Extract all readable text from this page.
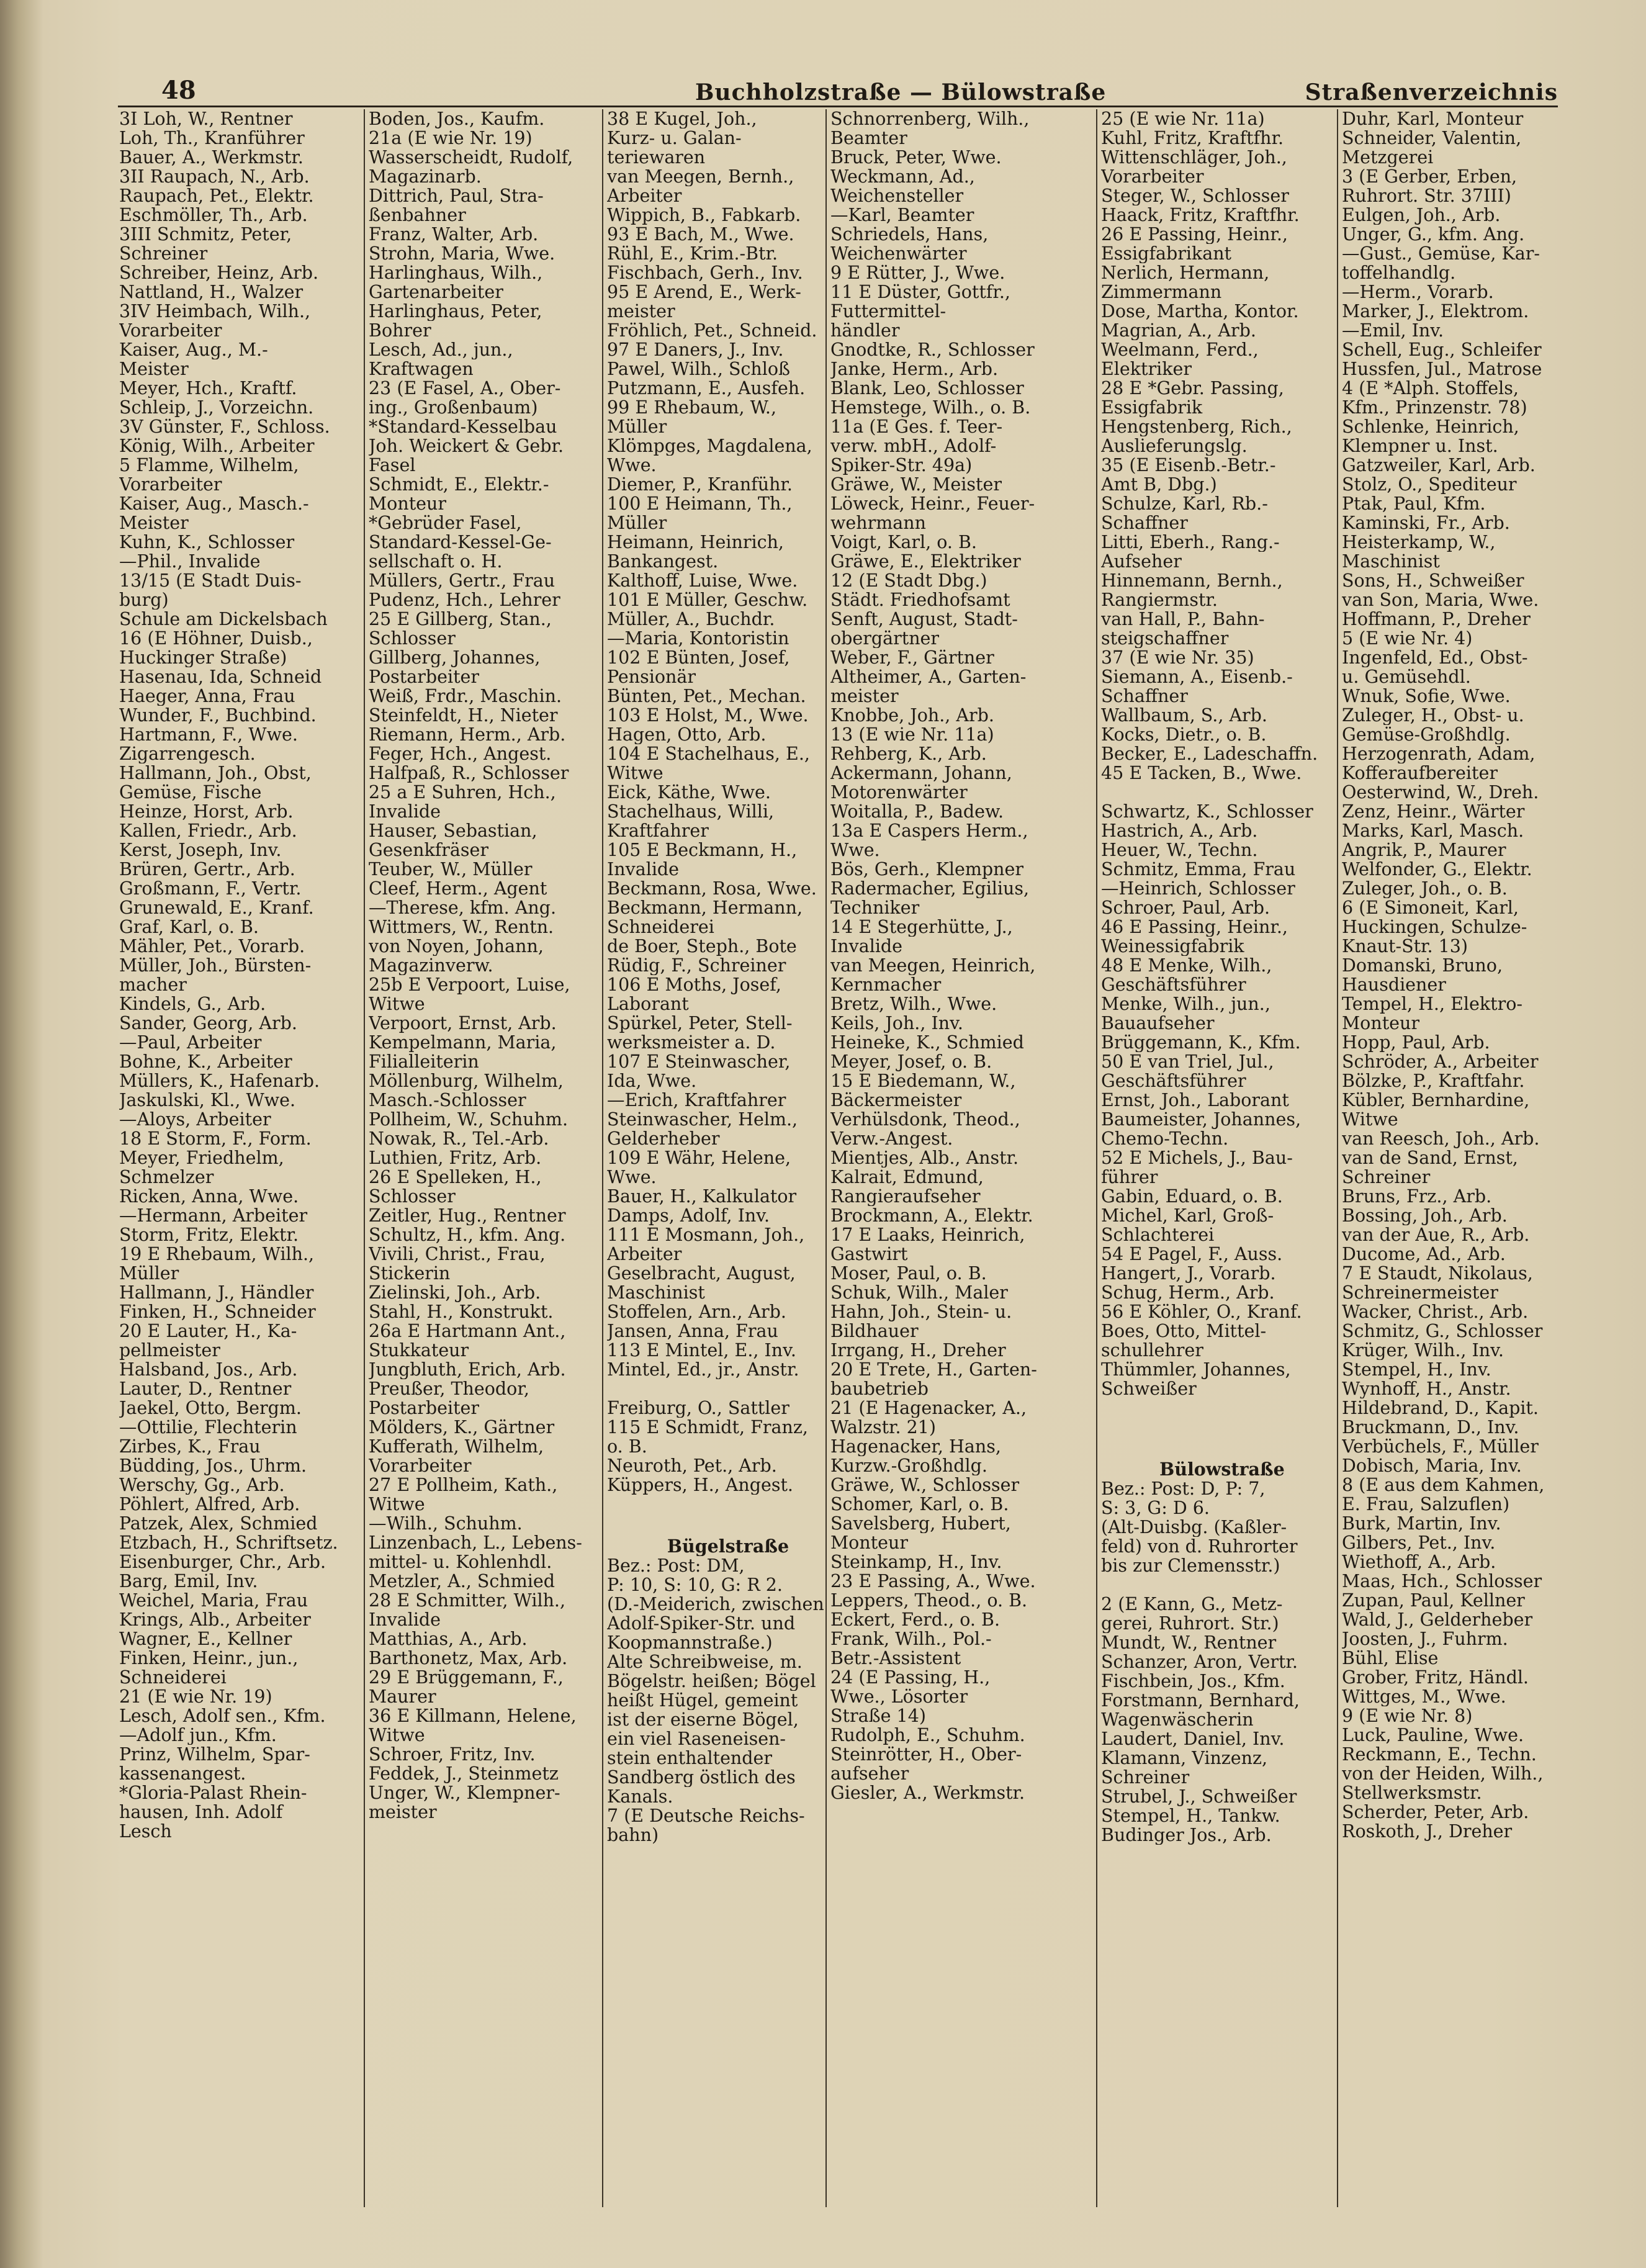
48	Buchholzstraße — Bülowstraße	Straßenverzeichnis
3I Loh, W., Rentner
Loh, Th., Kranführer
Bauer, A., Werkmstr.
3II Raupach, N., Arb.
Raupach, Pet., Elektr.
Eschmöller, Th., Arb.
3III Schmitz, Peter,
Schreiner
Schreiber, Heinz, Arb.
Nattland, H., Walzer
3IV Heimbach, Wilh.,
Vorarbeiter
Kaiser, Aug., M.-
Meister
Meyer, Hch., Kraftf.
Schleip, J., Vorzeichn.
3V Günster, F., Schloss.
König, Wilh., Arbeiter
5 Flamme, Wilhelm,
Vorarbeiter
Kaiser, Aug., Masch.-
Meister
Kuhn, K., Schlosser
—Phil., Invalide
13/15 (E Stadt Duis-
burg)
Schule am Dickelsbach
16 (E Höhner, Duisb.,
Huckinger Straße)
Hasenau, Ida, Schneid
Haeger, Anna, Frau
Wunder, F., Buchbind.
Hartmann, F., Wwe.
Zigarrengesch.
Hallmann, Joh., Obst,
Gemüse, Fische
Heinze, Horst, Arb.
Kallen, Friedr., Arb.
Kerst, Joseph, Inv.
Brüren, Gertr., Arb.
Großmann, F., Vertr.
Grunewald, E., Kranf.
Graf, Karl, o. B.
Mähler, Pet., Vorarb.
Müller, Joh., Bürsten-
macher
Kindels, G., Arb.
Sander, Georg, Arb.
—Paul, Arbeiter
Bohne, K., Arbeiter
Müllers, K., Hafenarb.
Jaskulski, Kl., Wwe.
—Aloys, Arbeiter
18 E Storm, F., Form.
Meyer, Friedhelm,
Schmelzer
Ricken, Anna, Wwe.
—Hermann, Arbeiter
Storm, Fritz, Elektr.
19 E Rhebaum, Wilh.,
Müller
Hallmann, J., Händler
Finken, H., Schneider
20 E Lauter, H., Ka-
pellmeister
Halsband, Jos., Arb.
Lauter, D., Rentner
Jaekel, Otto, Bergm.
—Ottilie, Flechterin
Zirbes, K., Frau
Büdding, Jos., Uhrm.
Werschy, Gg., Arb.
Pöhlert, Alfred, Arb.
Patzek, Alex, Schmied
Etzbach, H., Schriftsetz.
Eisenburger, Chr., Arb.
Barg, Emil, Inv.
Weichel, Maria, Frau
Krings, Alb., Arbeiter
Wagner, E., Kellner
Finken, Heinr., jun.,
Schneiderei
21 (E wie Nr. 19)
Lesch, Adolf sen., Kfm.
—Adolf jun., Kfm.
Prinz, Wilhelm, Spar-
kassenangest.
*Gloria-Palast Rhein-
hausen, Inh. Adolf
Lesch
Boden, Jos., Kaufm.
21a (E wie Nr. 19)
Wasserscheidt, Rudolf,
Magazinarb.
Dittrich, Paul, Stra-
ßenbahner
Franz, Walter, Arb.
Strohn, Maria, Wwe.
Harlinghaus, Wilh.,
Gartenarbeiter
Harlinghaus, Peter,
Bohrer
Lesch, Ad., jun.,
Kraftwagen
23 (E Fasel, A., Ober-
ing., Großenbaum)
*Standard-Kesselbau
Joh. Weickert & Gebr.
Fasel
Schmidt, E., Elektr.-
Monteur
*Gebrüder Fasel,
Standard-Kessel-Ge-
sellschaft o. H.
Müllers, Gertr., Frau
Pudenz, Hch., Lehrer
25 E Gillberg, Stan.,
Schlosser
Gillberg, Johannes,
Postarbeiter
Weiß, Frdr., Maschin.
Steinfeldt, H., Nieter
Riemann, Herm., Arb.
Feger, Hch., Angest.
Halfpaß, R., Schlosser
25 a E Suhren, Hch.,
Invalide
Hauser, Sebastian,
Gesenkfräser
Teuber, W., Müller
Cleef, Herm., Agent
—Therese, kfm. Ang.
Wittmers, W., Rentn.
von Noyen, Johann,
Magazinverw.
25b E Verpoort, Luise,
Witwe
Verpoort, Ernst, Arb.
Kempelmann, Maria,
Filialleiterin
Möllenburg, Wilhelm,
Masch.-Schlosser
Pollheim, W., Schuhm.
Nowak, R., Tel.-Arb.
Luthien, Fritz, Arb.
26 E Spelleken, H.,
Schlosser
Zeitler, Hug., Rentner
Schultz, H., kfm. Ang.
Vivili, Christ., Frau,
Stickerin
Zielinski, Joh., Arb.
Stahl, H., Konstrukt.
26a E Hartmann Ant.,
Stukkateur
Jungbluth, Erich, Arb.
Preußer, Theodor,
Postarbeiter
Mölders, K., Gärtner
Kufferath, Wilhelm,
Vorarbeiter
27 E Pollheim, Kath.,
Witwe
—Wilh., Schuhm.
Linzenbach, L., Lebens-
mittel- u. Kohlenhdl.
Metzler, A., Schmied
28 E Schmitter, Wilh.,
Invalide
Matthias, A., Arb.
Barthonetz, Max, Arb.
29 E Brüggemann, F.,
Maurer
36 E Killmann, Helene,
Witwe
Schroer, Fritz, Inv.
Feddek, J., Steinmetz
Unger, W., Klempner-
meister
38 E Kugel, Joh.,
Kurz- u. Galan-
teriewaren
van Meegen, Bernh.,
Arbeiter
Wippich, B., Fabkarb.
93 E Bach, M., Wwe.
Rühl, E., Krim.-Btr.
Fischbach, Gerh., Inv.
95 E Arend, E., Werk-
meister
Fröhlich, Pet., Schneid.
97 E Daners, J., Inv.
Pawel, Wilh., Schloß
Putzmann, E., Ausfeh.
99 E Rhebaum, W.,
Müller
Klömpges, Magdalena,
Wwe.
Diemer, P., Kranführ.
100 E Heimann, Th.,
Müller
Heimann, Heinrich,
Bankangest.
Kalthoff, Luise, Wwe.
101 E Müller, Geschw.
Müller, A., Buchdr.
—Maria, Kontoristin
102 E Bünten, Josef,
Pensionär
Bünten, Pet., Mechan.
103 E Holst, M., Wwe.
Hagen, Otto, Arb.
104 E Stachelhaus, E.,
Witwe
Eick, Käthe, Wwe.
Stachelhaus, Willi,
Kraftfahrer
105 E Beckmann, H.,
Invalide
Beckmann, Rosa, Wwe.
Beckmann, Hermann,
Schneiderei
de Boer, Steph., Bote
Rüdig, F., Schreiner
106 E Moths, Josef,
Laborant
Spürkel, Peter, Stell-
werksmeister a. D.
107 E Steinwascher,
Ida, Wwe.
—Erich, Kraftfahrer
Steinwascher, Helm.,
Gelderheber
109 E Währ, Helene,
Wwe.
Bauer, H., Kalkulator
Damps, Adolf, Inv.
111 E Mosmann, Joh.,
Arbeiter
Geselbracht, August,
Maschinist
Stoffelen, Arn., Arb.
Jansen, Anna, Frau
113 E Mintel, E., Inv.
Mintel, Ed., jr., Anstr.

Freiburg, O., Sattler
115 E Schmidt, Franz,
o. B.
Neuroth, Pet., Arb.
Küppers, H., Angest.

Bügelstraße
Bez.: Post: DM,
P: 10, S: 10, G: R 2.
(D.-Meiderich, zwischen
Adolf-Spiker-Str. und
Koopmannstraße.)
Alte Schreibweise, m.
Bögelstr. heißen; Bögel
heißt Hügel, gemeint
ist der eiserne Bögel,
ein viel Raseneisen-
stein enthaltender
Sandberg östlich des
Kanals.
7 (E Deutsche Reichs-
bahn)
Schnorrenberg, Wilh.,
Beamter
Bruck, Peter, Wwe.
Weckmann, Ad.,
Weichensteller
—Karl, Beamter
Schriedels, Hans,
Weichenwärter
9 E Rütter, J., Wwe.
11 E Düster, Gottfr.,
Futtermittel-
händler
Gnodtke, R., Schlosser
Janke, Herm., Arb.
Blank, Leo, Schlosser
Hemstege, Wilh., o. B.
11a (E Ges. f. Teer-
verw. mbH., Adolf-
Spiker-Str. 49a)
Gräwe, W., Meister
Löweck, Heinr., Feuer-
wehrmann
Voigt, Karl, o. B.
Gräwe, E., Elektriker
12 (E Stadt Dbg.)
Städt. Friedhofsamt
Senft, August, Stadt-
obergärtner
Weber, F., Gärtner
Altheimer, A., Garten-
meister
Knobbe, Joh., Arb.
13 (E wie Nr. 11a)
Rehberg, K., Arb.
Ackermann, Johann,
Motorenwärter
Woitalla, P., Badew.
13a E Caspers Herm.,
Wwe.
Bös, Gerh., Klempner
Radermacher, Egilius,
Techniker
14 E Stegerhütte, J.,
Invalide
van Meegen, Heinrich,
Kernmacher
Bretz, Wilh., Wwe.
Keils, Joh., Inv.
Heineke, K., Schmied
Meyer, Josef, o. B.
15 E Biedemann, W.,
Bäckermeister
Verhülsdonk, Theod.,
Verw.-Angest.
Mientjes, Alb., Anstr.
Kalrait, Edmund,
Rangieraufseher
Brockmann, A., Elektr.
17 E Laaks, Heinrich,
Gastwirt
Moser, Paul, o. B.
Schuk, Wilh., Maler
Hahn, Joh., Stein- u.
Bildhauer
Irrgang, H., Dreher
20 E Trete, H., Garten-
baubetrieb
21 (E Hagenacker, A.,
Walzstr. 21)
Hagenacker, Hans,
Kurzw.-Großhdlg.
Gräwe, W., Schlosser
Schomer, Karl, o. B.
Savelsberg, Hubert,
Monteur
Steinkamp, H., Inv.
23 E Passing, A., Wwe.
Leppers, Theod., o. B.
Eckert, Ferd., o. B.
Frank, Wilh., Pol.-
Betr.-Assistent
24 (E Passing, H.,
Wwe., Lösorter
Straße 14)
Rudolph, E., Schuhm.
Steinrötter, H., Ober-
aufseher
Giesler, A., Werkmstr.
25 (E wie Nr. 11a)
Kuhl, Fritz, Kraftfhr.
Wittenschläger, Joh.,
Vorarbeiter
Steger, W., Schlosser
Haack, Fritz, Kraftfhr.
26 E Passing, Heinr.,
Essigfabrikant
Nerlich, Hermann,
Zimmermann
Dose, Martha, Kontor.
Magrian, A., Arb.
Weelmann, Ferd.,
Elektriker
28 E *Gebr. Passing,
Essigfabrik
Hengstenberg, Rich.,
Auslieferungslg.
35 (E Eisenb.-Betr.-
Amt B, Dbg.)
Schulze, Karl, Rb.-
Schaffner
Litti, Eberh., Rang.-
Aufseher
Hinnemann, Bernh.,
Rangiermstr.
van Hall, P., Bahn-
steigschaffner
37 (E wie Nr. 35)
Siemann, A., Eisenb.-
Schaffner
Wallbaum, S., Arb.
Kocks, Dietr., o. B.
Becker, E., Ladeschaffn.
45 E Tacken, B., Wwe.

Schwartz, K., Schlosser
Hastrich, A., Arb.
Heuer, W., Techn.
Schmitz, Emma, Frau
—Heinrich, Schlosser
Schroer, Paul, Arb.
46 E Passing, Heinr.,
Weinessigfabrik
48 E Menke, Wilh.,
Geschäftsführer
Menke, Wilh., jun.,
Bauaufseher
Brüggemann, K., Kfm.
50 E van Triel, Jul.,
Geschäftsführer
Ernst, Joh., Laborant
Baumeister, Johannes,
Chemo-Techn.
52 E Michels, J., Bau-
führer
Gabin, Eduard, o. B.
Michel, Karl, Groß-
Schlachterei
54 E Pagel, F., Auss.
Hangert, J., Vorarb.
Schug, Herm., Arb.
56 E Köhler, O., Kranf.
Boes, Otto, Mittel-
schullehrer
Thümmler, Johannes,
Schweißer

Bülowstraße
Bez.: Post: D, P: 7,
S: 3, G: D 6.
(Alt-Duisbg. (Kaßler-
feld) von d. Ruhrorter
bis zur Clemensstr.)

2 (E Kann, G., Metz-
gerei, Ruhrort. Str.)
Mundt, W., Rentner
Schanzer, Aron, Vertr.
Fischbein, Jos., Kfm.
Forstmann, Bernhard,
Wagenwäscherin
Laudert, Daniel, Inv.
Klamann, Vinzenz,
Schreiner
Strubel, J., Schweißer
Stempel, H., Tankw.
Budinger Jos., Arb.
Duhr, Karl, Monteur
Schneider, Valentin,
Metzgerei
3 (E Gerber, Erben,
Ruhrort. Str. 37III)
Eulgen, Joh., Arb.
Unger, G., kfm. Ang.
—Gust., Gemüse, Kar-
toffelhandlg.
—Herm., Vorarb.
Marker, J., Elektrom.
—Emil, Inv.
Schell, Eug., Schleifer
Hussfen, Jul., Matrose
4 (E *Alph. Stoffels,
Kfm., Prinzenstr. 78)
Schlenke, Heinrich,
Klempner u. Inst.
Gatzweiler, Karl, Arb.
Stolz, O., Spediteur
Ptak, Paul, Kfm.
Kaminski, Fr., Arb.
Heisterkamp, W.,
Maschinist
Sons, H., Schweißer
van Son, Maria, Wwe.
Hoffmann, P., Dreher
5 (E wie Nr. 4)
Ingenfeld, Ed., Obst-
u. Gemüsehdl.
Wnuk, Sofie, Wwe.
Zuleger, H., Obst- u.
Gemüse-Großhdlg.
Herzogenrath, Adam,
Kofferaufbereiter
Oesterwind, W., Dreh.
Zenz, Heinr., Wärter
Marks, Karl, Masch.
Angrik, P., Maurer
Welfonder, G., Elektr.
Zuleger, Joh., o. B.
6 (E Simoneit, Karl,
Huckingen, Schulze-
Knaut-Str. 13)
Domanski, Bruno,
Hausdiener
Tempel, H., Elektro-
Monteur
Hopp, Paul, Arb.
Schröder, A., Arbeiter
Bölzke, P., Kraftfahr.
Kübler, Bernhardine,
Witwe
van Reesch, Joh., Arb.
van de Sand, Ernst,
Schreiner
Bruns, Frz., Arb.
Bossing, Joh., Arb.
van der Aue, R., Arb.
Ducome, Ad., Arb.
7 E Staudt, Nikolaus,
Schreinermeister
Wacker, Christ., Arb.
Schmitz, G., Schlosser
Krüger, Wilh., Inv.
Stempel, H., Inv.
Wynhoff, H., Anstr.
Hildebrand, D., Kapit.
Bruckmann, D., Inv.
Verbüchels, F., Müller
Dobisch, Maria, Inv.
8 (E aus dem Kahmen,
E. Frau, Salzuflen)
Burk, Martin, Inv.
Gilbers, Pet., Inv.
Wiethoff, A., Arb.
Maas, Hch., Schlosser
Zupan, Paul, Kellner
Wald, J., Gelderheber
Joosten, J., Fuhrm.
Bühl, Elise
Grober, Fritz, Händl.
Wittges, M., Wwe.
9 (E wie Nr. 8)
Luck, Pauline, Wwe.
Reckmann, E., Techn.
von der Heiden, Wilh.,
Stellwerksmstr.
Scherder, Peter, Arb.
Roskoth, J., Dreher
